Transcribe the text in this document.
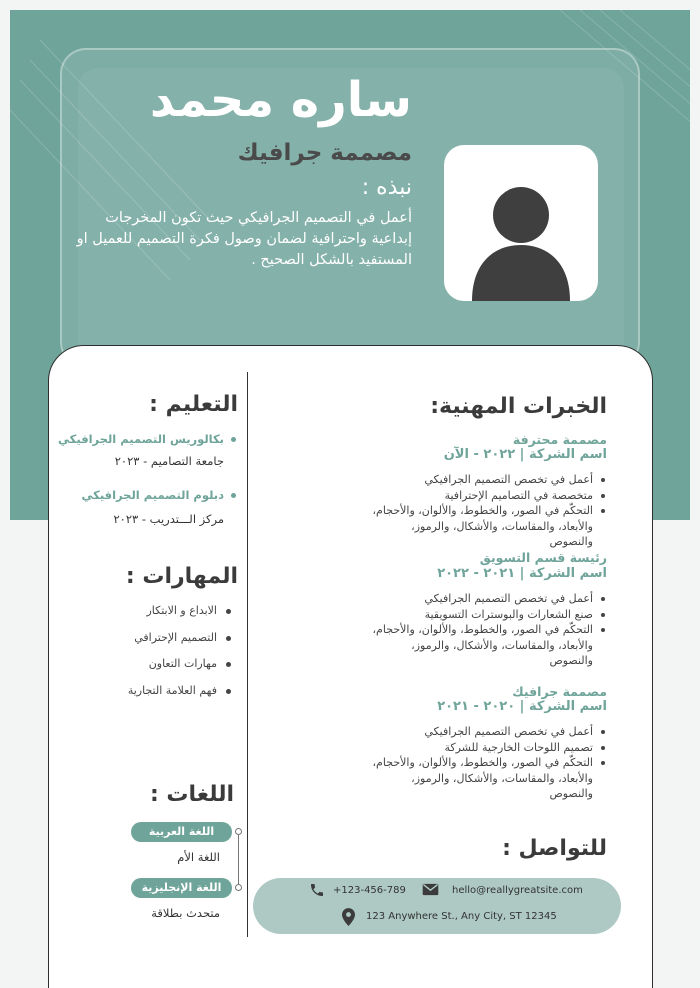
ساره محمد
مصممة جرافيك
نبذه :
أعمل في التصميم الجرافيكي حيث تكون المخرجات إبداعية واحترافية لضمان وصول فكرة التصميم للعميل او المستفيد بالشكل الصحيح .
الخبرات المهنية:
مصممة محترفة
اسم الشركة | ٢٠٢٢ - الآن
أعمل في تخصص التصميم الجرافيكي
متخصصة في التصاميم الإحترافية
التحكّم في الصور، والخطوط، والألوان، والأحجام، والأبعاد، والمقاسات، والأشكال، والرموز، والنصوص
رئيسة قسم التسويق
اسم الشركة | ٢٠٢١ - ٢٠٢٢
أعمل في تخصص التصميم الجرافيكي
صنع الشعارات والبوسترات التسويقية
التحكّم في الصور، والخطوط، والألوان، والأحجام، والأبعاد، والمقاسات، والأشكال، والرموز، والنصوص
مصممة جرافيك
اسم الشركة | ٢٠٢٠ - ٢٠٢١
أعمل في تخصص التصميم الجرافيكي
تصميم اللوحات الخارجية للشركة
التحكّم في الصور، والخطوط، والألوان، والأحجام، والأبعاد، والمقاسات، والأشكال، والرموز، والنصوص
التعليم :
بكالوريس التصميم الجرافيكي
جامعة التصاميم - ٢٠٢٣
دبلوم التصميم الجرافيكي
مركز الـــتدريب - ٢٠٢٣
المهارات :
الابداع و الابتكار
التصميم الإحترافي
مهارات التعاون
فهم العلامة التجارية
اللغات :
اللغة العربية
اللغة الأم
اللغة الإنجليزية
متحدث بطلاقة
للتواصل :
+123-456-789	hello@reallygreatsite.com
123 Anywhere St., Any City, ST 12345
حراج
